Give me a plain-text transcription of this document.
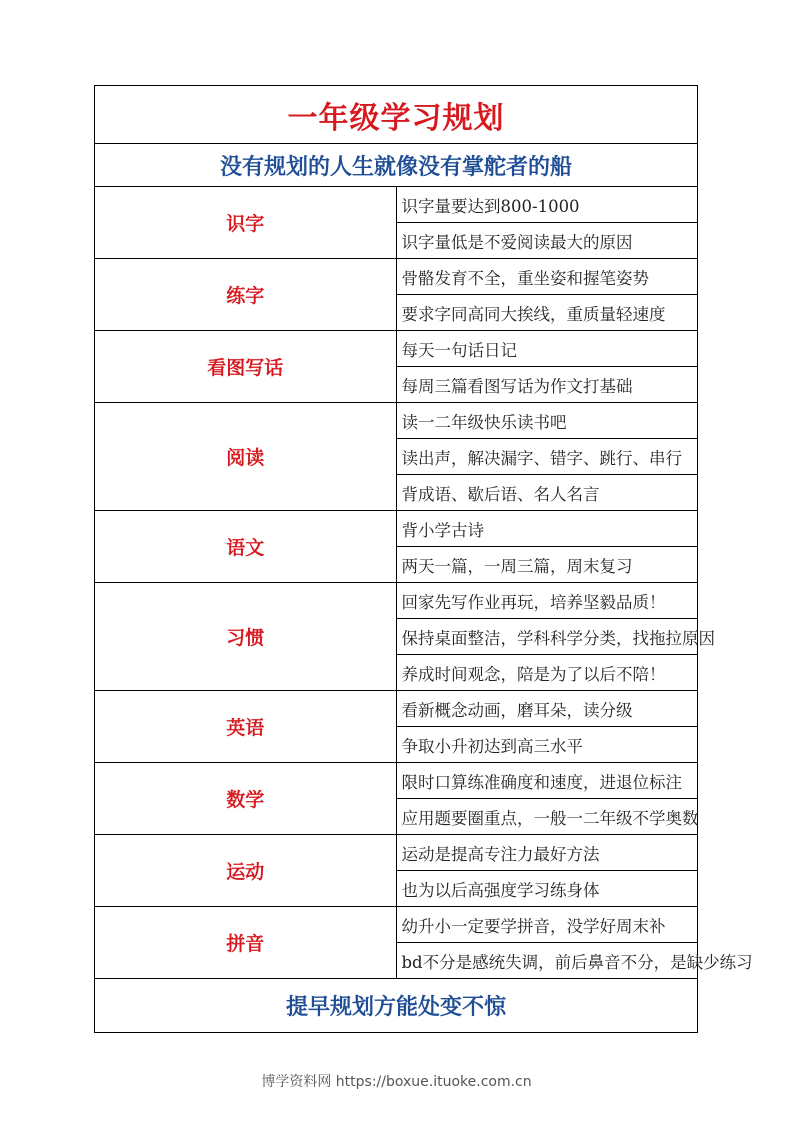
一年级学习规划	
没有规划的人生就像没有掌舵者的船	
识字	识字量要达到800-1000
	识字量低是不爱阅读最大的原因
练字	骨骼发育不全，重坐姿和握笔姿势
	要求字同高同大挨线，重质量轻速度
看图写话	每天一句话日记
	每周三篇看图写话为作文打基础
阅读	读一二年级快乐读书吧
	读出声，解决漏字、错字、跳行、串行
	背成语、歇后语、名人名言
语文	背小学古诗
	两天一篇，一周三篇，周末复习
习惯	回家先写作业再玩，培养坚毅品质！
	保持桌面整洁，学科科学分类，找拖拉原因
	养成时间观念，陪是为了以后不陪！
英语	看新概念动画，磨耳朵，读分级
	争取小升初达到高三水平
数学	限时口算练准确度和速度，进退位标注
	应用题要圈重点，一般一二年级不学奥数
运动	运动是提高专注力最好方法
	也为以后高强度学习练身体
拼音	幼升小一定要学拼音，没学好周末补
	bd不分是感统失调，前后鼻音不分，是缺少练习
提早规划方能处变不惊	
博学资料网 https://boxue.ituoke.com.cn
